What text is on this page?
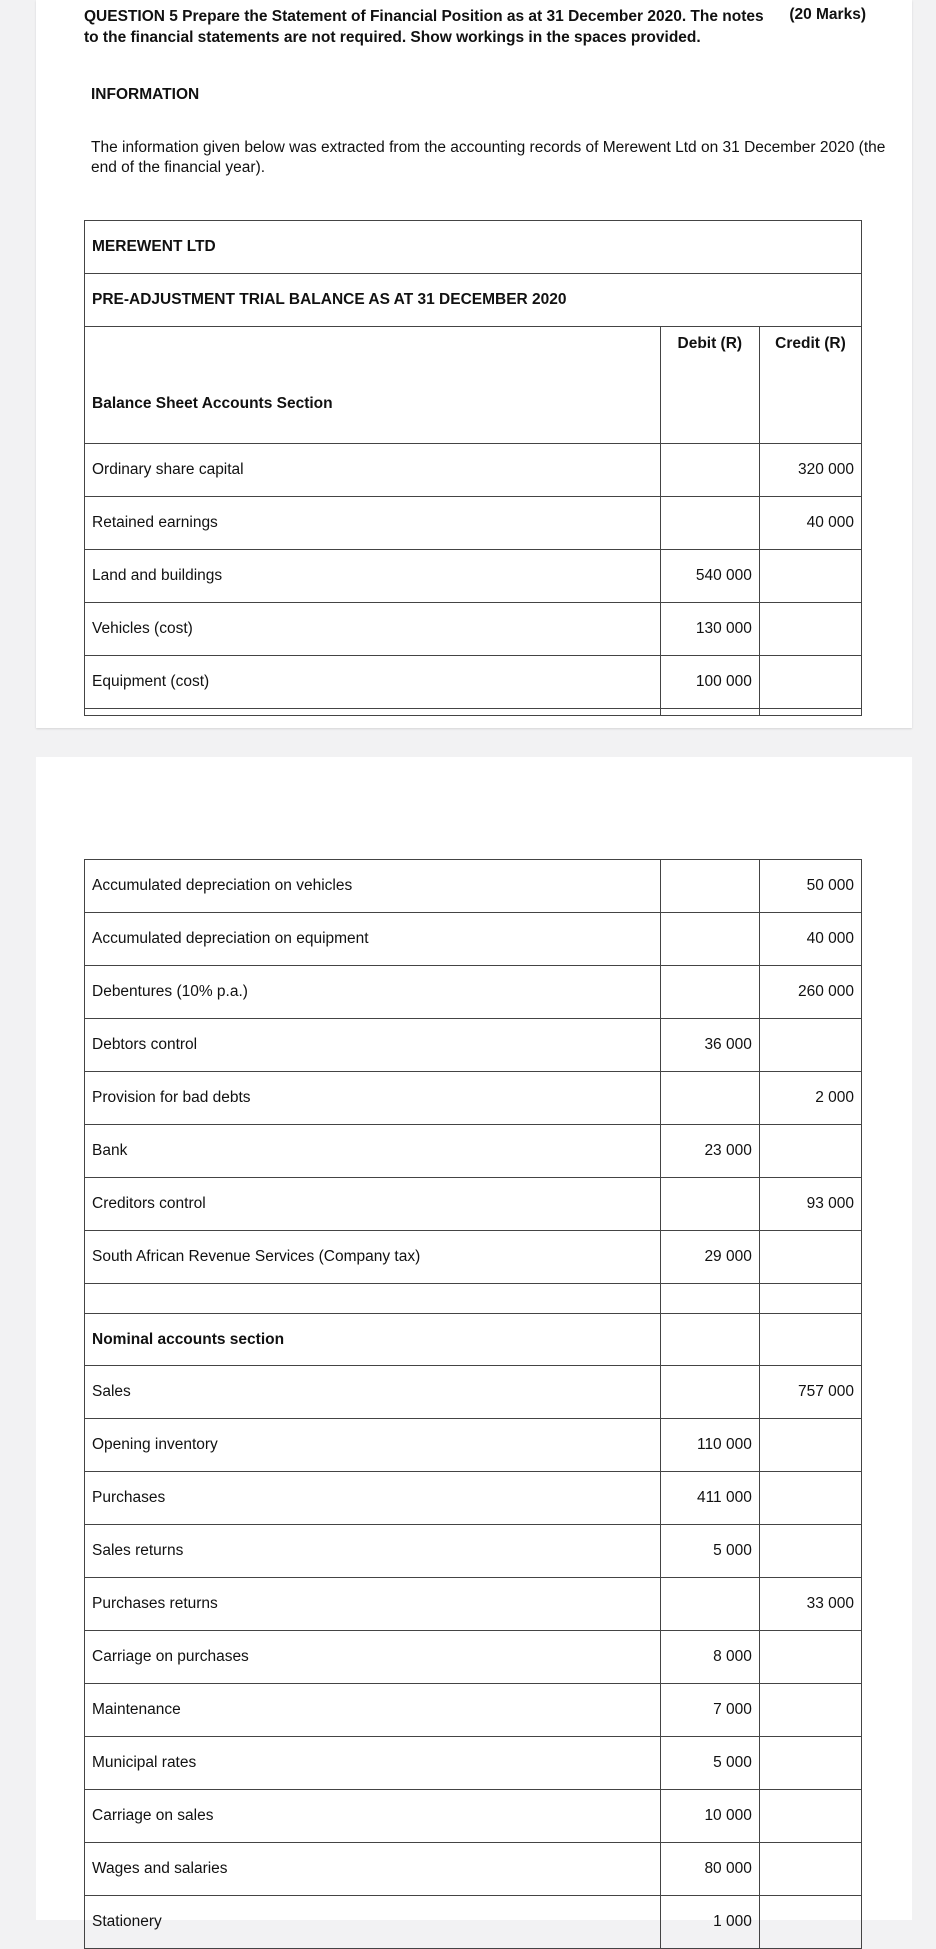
QUESTION 5 Prepare the Statement of Financial Position as at 31 December 2020. The notes to the financial statements are not required. Show workings in the spaces provided.
(20 Marks)
INFORMATION
The information given below was extracted from the accounting records of Merewent Ltd on 31 December 2020 (the end of the financial year).
MEREWENT LTD		
PRE-ADJUSTMENT TRIAL BALANCE AS AT 31 DECEMBER 2020		
Balance Sheet Accounts Section	Debit (R)	Credit (R)
Ordinary share capital		320 000
Retained earnings		40 000
Land and buildings	540 000	
Vehicles (cost)	130 000	
Equipment (cost)	100 000	

Accumulated depreciation on vehicles		50 000
Accumulated depreciation on equipment		40 000
Debentures (10% p.a.)		260 000
Debtors control	36 000	
Provision for bad debts		2 000
Bank	23 000	
Creditors control		93 000
South African Revenue Services (Company tax)	29 000	

Nominal accounts section		
Sales		757 000
Opening inventory	110 000	
Purchases	411 000	
Sales returns	5 000	
Purchases returns		33 000
Carriage on purchases	8 000	
Maintenance	7 000	
Municipal rates	5 000	
Carriage on sales	10 000	
Wages and salaries	80 000	
Stationery	1 000	
